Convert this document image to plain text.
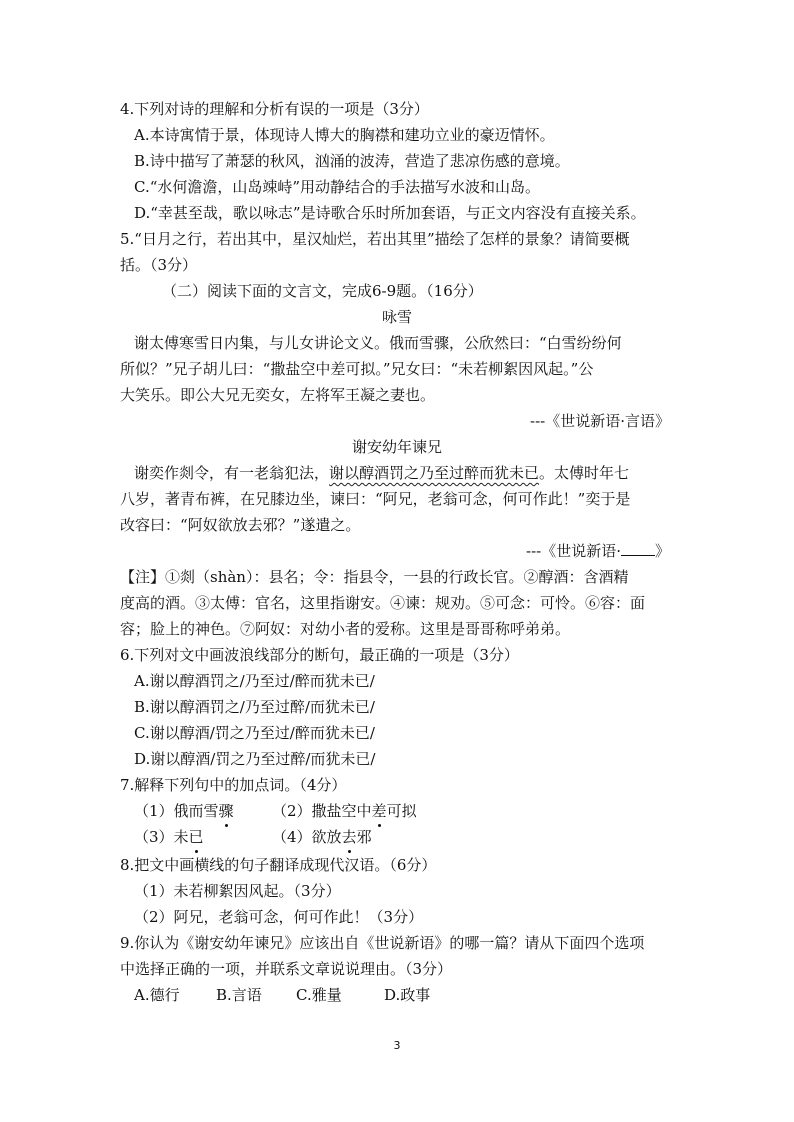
4.下列对诗的理解和分析有误的一项是（3分）
A.本诗寓情于景，体现诗人博大的胸襟和建功立业的豪迈情怀。
B.诗中描写了萧瑟的秋风，汹涌的波涛，营造了悲凉伤感的意境。
C.“水何澹澹，山岛竦峙”用动静结合的手法描写水波和山岛。
D.“幸甚至哉，歌以咏志”是诗歌合乐时所加套语，与正文内容没有直接关系。
5.“日月之行，若出其中，星汉灿烂，若出其里”描绘了怎样的景象？请简要概
括。（3分）
（二）阅读下面的文言文，完成6-9题。（16分）
咏雪
谢太傅寒雪日内集，与儿女讲论文义。俄而雪骤，公欣然曰：“白雪纷纷何
所似？”兄子胡儿曰：“撒盐空中差可拟。”兄女曰：“未若柳絮因风起。”公
大笑乐。即公大兄无奕女，左将军王凝之妻也。
---《世说新语·言语》
谢安幼年谏兄
谢奕作剡令，有一老翁犯法，谢以醇酒罚之乃至过醉而犹未已。太傅时年七
八岁，著青布裤，在兄膝边坐，谏曰：“阿兄，老翁可念，何可作此！”奕于是
改容曰：“阿奴欲放去邪？”遂遣之。
---《世说新语· 》
【注】①剡（shàn）：县名；令：指县令，一县的行政长官。②醇酒：含酒精
度高的酒。③太傅：官名，这里指谢安。④谏：规劝。⑤可念：可怜。⑥容：面
容；脸上的神色。⑦阿奴：对幼小者的爱称。这里是哥哥称呼弟弟。
6.下列对文中画波浪线部分的断句，最正确的一项是（3分）
A.谢以醇酒罚之/乃至过/醉而犹未已/
B.谢以醇酒罚之/乃至过醉/而犹未已/
C.谢以醇酒/罚之乃至过/醉而犹未已/
D.谢以醇酒/罚之乃至过醉/而犹未已/
7.解释下列句中的加点词。（4分）
（1）俄而雪骤	（2）撒盐空中差可拟
（3）未已	（4）欲放去邪
8.把文中画横线的句子翻译成现代汉语。（6分）
（1）未若柳絮因风起。（3分）
（2）阿兄，老翁可念，何可作此！（3分）
9.你认为《谢安幼年谏兄》应该出自《世说新语》的哪一篇？请从下面四个选项
中选择正确的一项，并联系文章说说理由。（3分）
A.德行 B.言语 C.雅量	D.政事
3
